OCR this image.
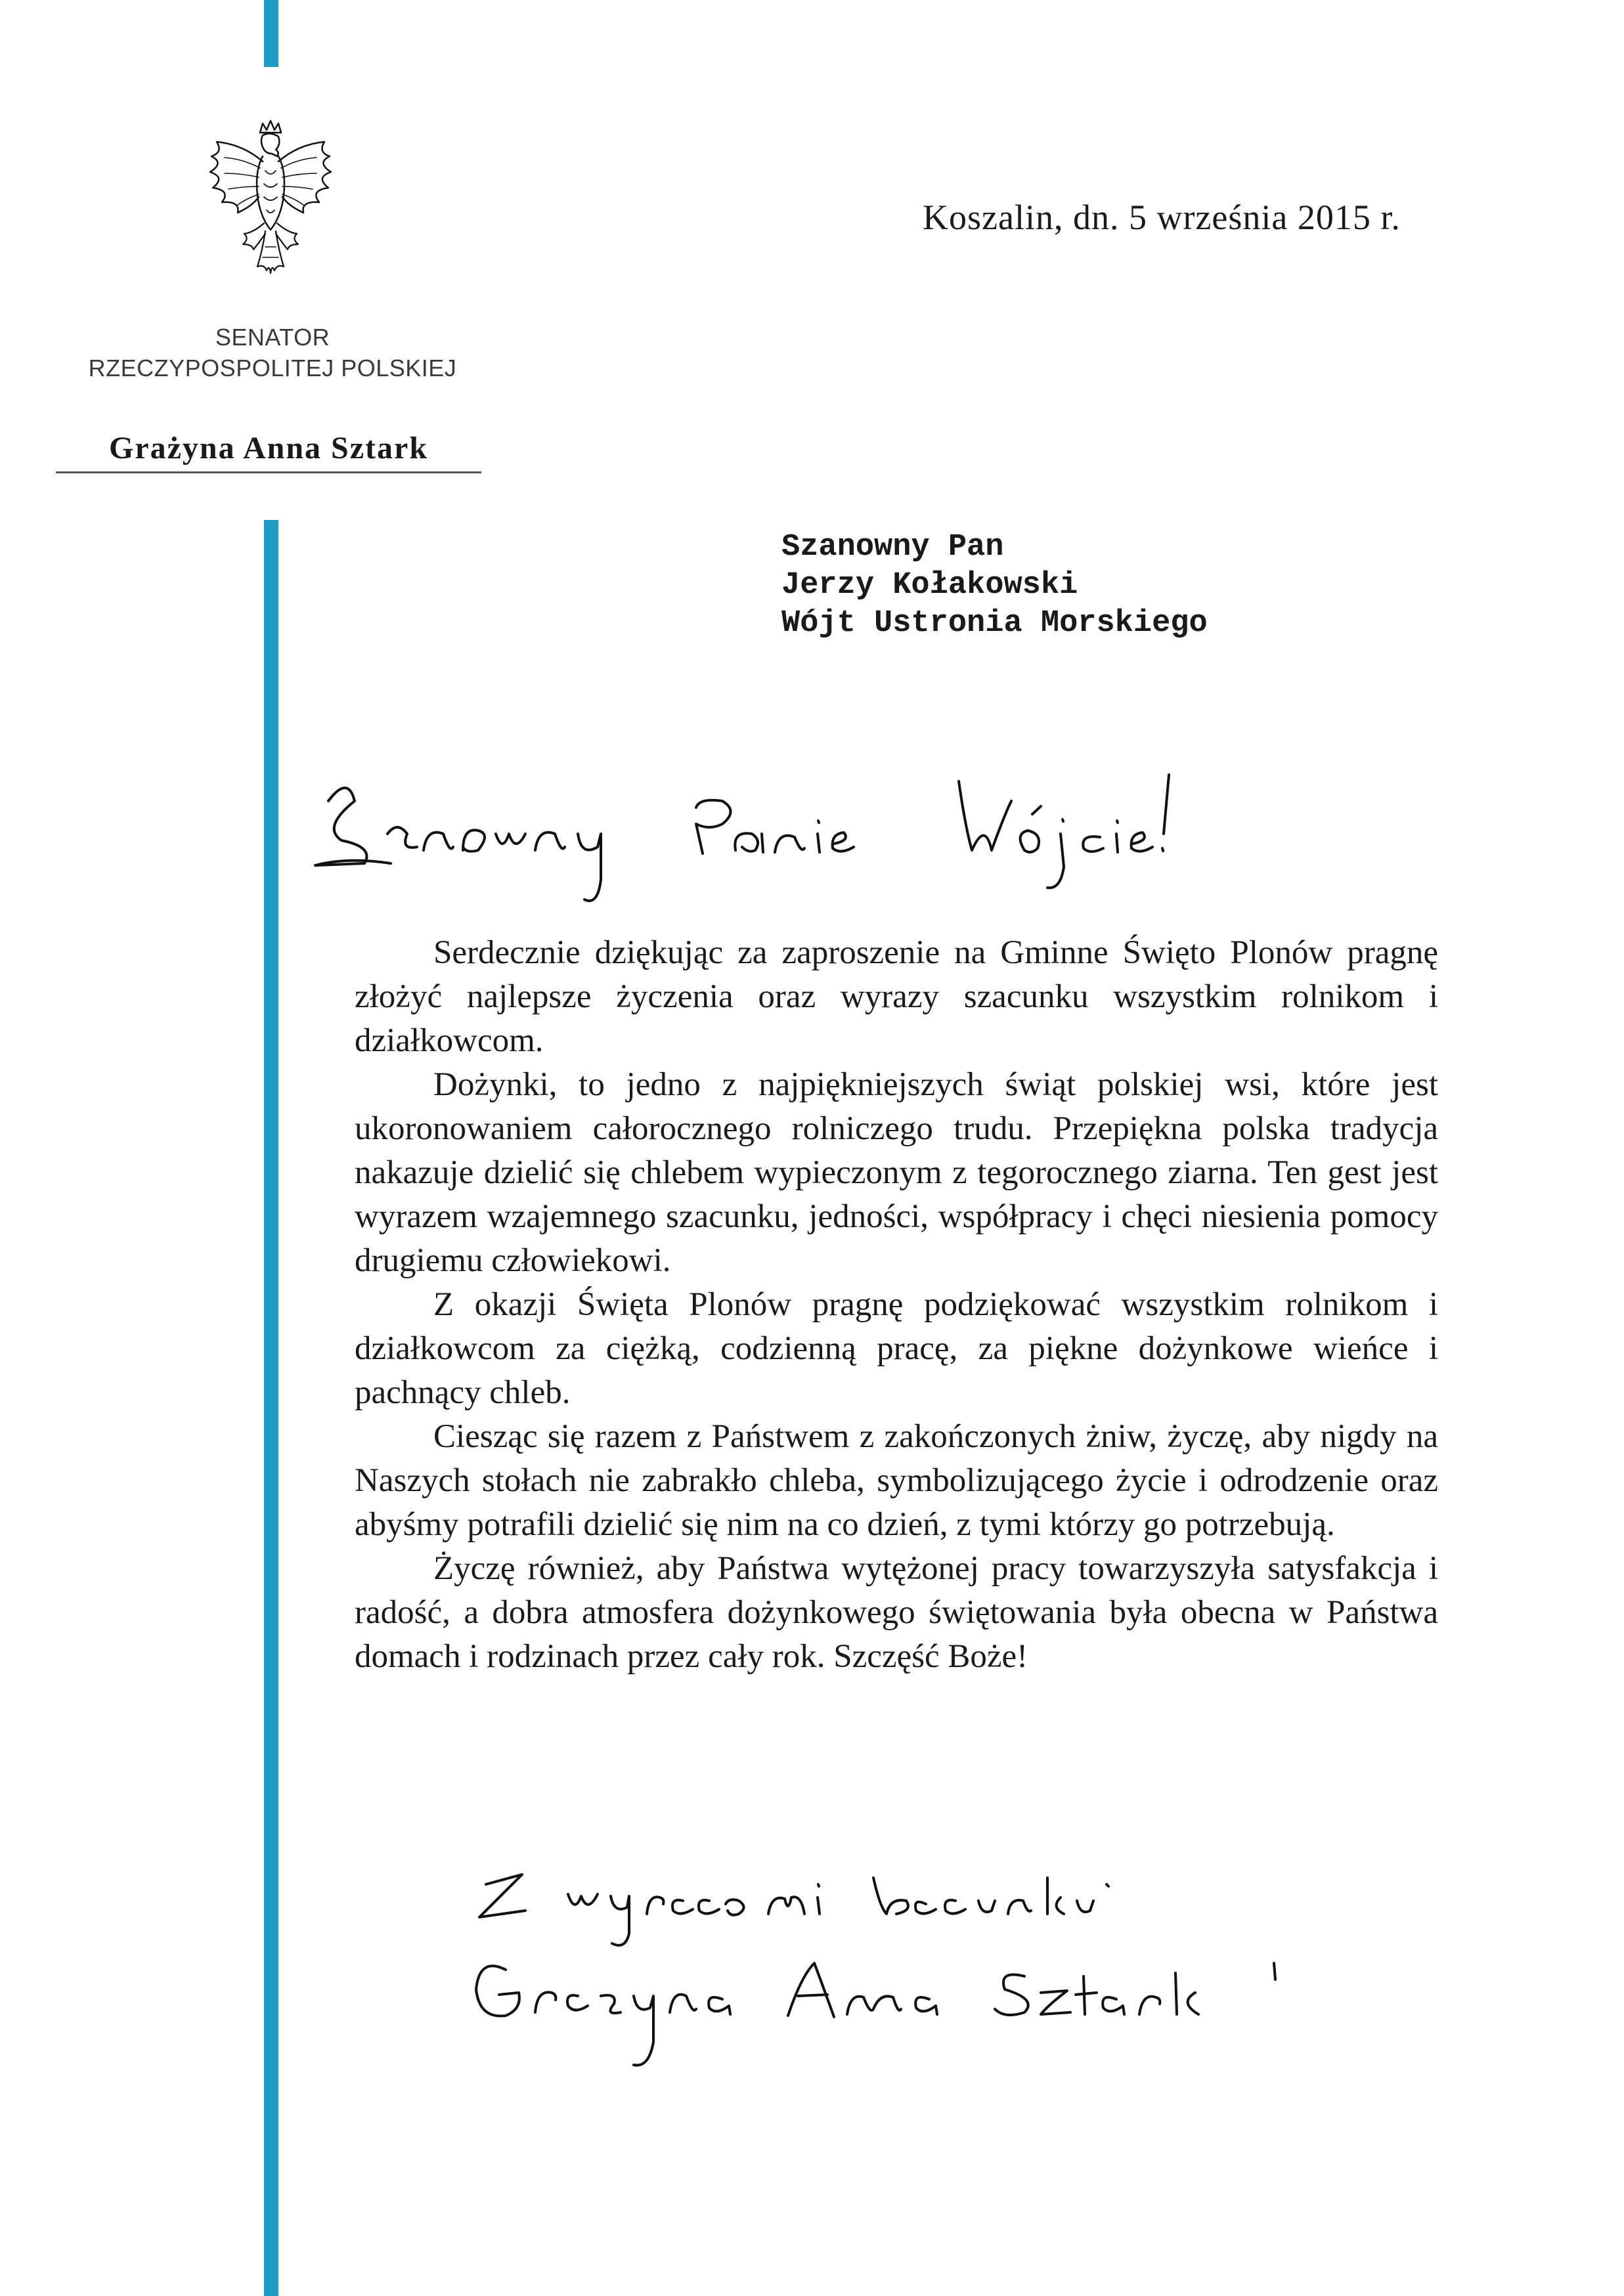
Koszalin, dn. 5 września 2015 r.
SENATOR
RZECZYPOSPOLITEJ POLSKIEJ
Grażyna Anna Sztark
Szanowny Pan
Jerzy Kołakowski
Wójt Ustronia Morskiego

Serdecznie dziękując za zaproszenie na Gminne Święto Plonów pragnę złożyć najlepsze życzenia oraz wyrazy szacunku wszystkim rolnikom i działkowcom.

Dożynki, to jedno z najpiękniejszych świąt polskiej wsi, które jest ukoronowaniem całorocznego rolniczego trudu. Przepiękna polska tradycja nakazuje dzielić się chlebem wypieczonym z tegorocznego ziarna. Ten gest jest wyrazem wzajemnego szacunku, jedności, współpracy i chęci niesienia pomocy drugiemu człowiekowi.

Z okazji Święta Plonów pragnę podziękować wszystkim rolnikom i działkowcom za ciężką, codzienną pracę, za piękne dożynkowe wieńce i pachnący chleb.

Ciesząc się razem z Państwem z zakończonych żniw, życzę, aby nigdy na Naszych stołach nie zabrakło chleba, symbolizującego życie i odrodzenie oraz abyśmy potrafili dzielić się nim na co dzień, z tymi którzy go potrzebują.

Życzę również, aby Państwa wytężonej pracy towarzyszyła satysfakcja i radość, a dobra atmosfera dożynkowego świętowania była obecna w Państwa domach i rodzinach przez cały rok. Szczęść Boże!
